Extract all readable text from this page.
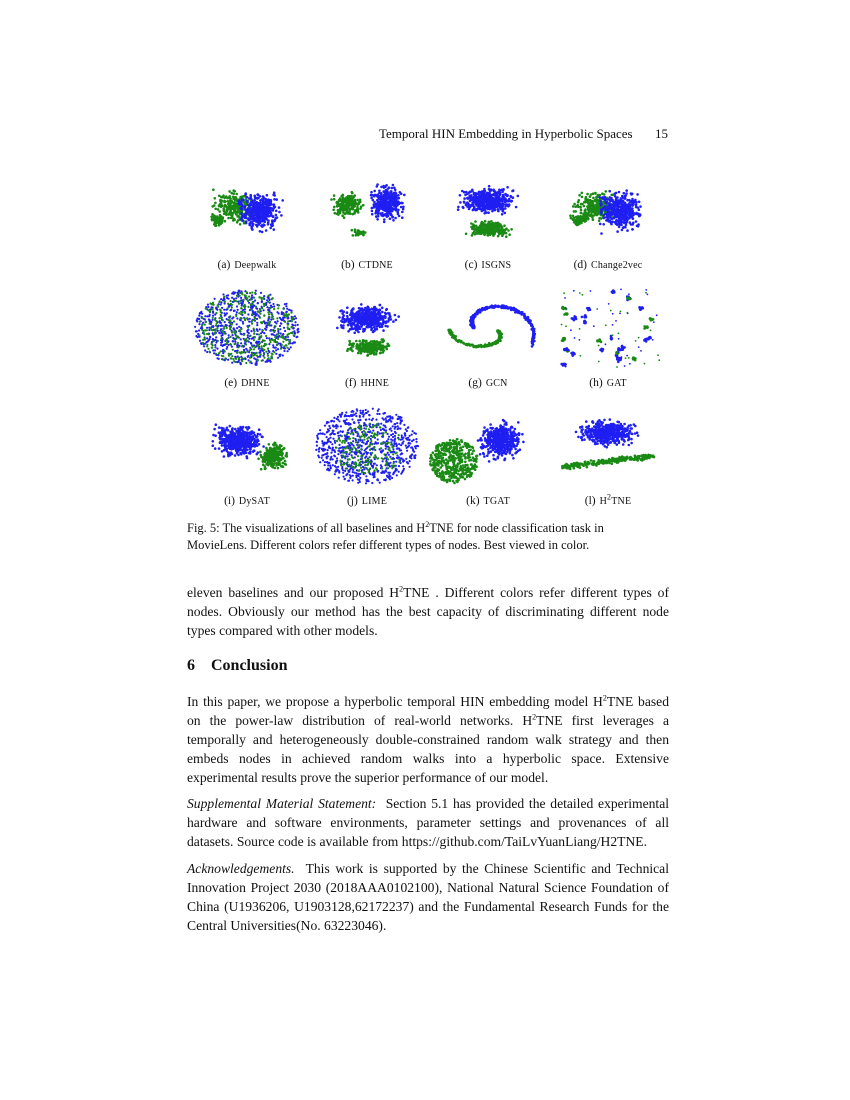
Temporal HIN Embedding in Hyperbolic Spaces 15
(a) Deepwalk	(b) CTDNE	(c) ISGNS	(d) Change2vec
(e) DHNE	(f) HHNE	(g) GCN	(h) GAT
(i) DySAT	(j) LIME	(k) TGAT	(l) $H^2TNE$
Fig. 5: The visualizations of all baselines and $H^2TNE$ for node classification task in MovieLens. Different colors refer different types of nodes. Best viewed in color.
eleven baselines and our proposed $H^2TNE$ . Different colors refer different types of nodes. Obviously our method has the best capacity of discriminating different node types compared with other models.
6 Conclusion
In this paper, we propose a hyperbolic temporal HIN embedding model $H^2TNE$ based on the power-law distribution of real-world networks. $H^2TNE$ first leverages a temporally and heterogeneously double-constrained random walk strategy and then embeds nodes in achieved random walks into a hyperbolic space. Extensive experimental results prove the superior performance of our model.
Supplemental Material Statement: Section 5.1 has provided the detailed experimental hardware and software environments, parameter settings and provenances of all datasets. Source code is available from https://github.com/TaiLvYuanLiang/H2TNE.
Acknowledgements. This work is supported by the Chinese Scientific and Technical Innovation Project 2030 (2018AAA0102100), National Natural Science Foundation of China (U1936206, U1903128,62172237) and the Fundamental Research Funds for the Central Universities(No. 63223046).
